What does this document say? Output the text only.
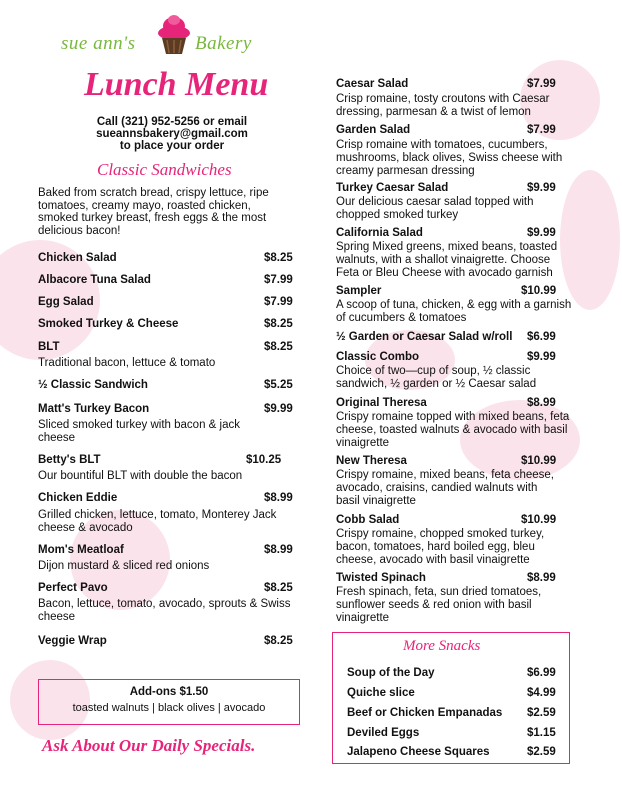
sue ann's	Bakery
Lunch Menu
Call (321) 952-5256 or email
sueannsbakery@gmail.com
to place your order
Classic Sandwiches
Baked from scratch bread, crispy lettuce, ripe
tomatoes, creamy mayo, roasted chicken,
smoked turkey breast, fresh eggs & the most
delicious bacon!
Chicken Salad	$8.25
Albacore Tuna Salad	$7.99
Egg Salad	$7.99
Smoked Turkey & Cheese	$8.25
BLT	$8.25
Traditional bacon, lettuce & tomato
½ Classic Sandwich	$5.25
Matt's Turkey Bacon	$9.99
Sliced smoked turkey with bacon & jack
cheese
Betty's BLT	$10.25
Our bountiful BLT with double the bacon
Chicken Eddie	$8.99
Grilled chicken, lettuce, tomato, Monterey Jack
cheese & avocado
Mom's Meatloaf	$8.99
Dijon mustard & sliced red onions
Perfect Pavo	$8.25
Bacon, lettuce, tomato, avocado, sprouts & Swiss
cheese
Veggie Wrap	$8.25
Add-ons $1.50
toasted walnuts | black olives | avocado
Ask About Our Daily Specials.
Caesar Salad	$7.99
Crisp romaine, tosty croutons with Caesar
dressing, parmesan & a twist of lemon
Garden Salad	$7.99
Crisp romaine with tomatoes, cucumbers,
mushrooms, black olives, Swiss cheese with
creamy parmesan dressing
Turkey Caesar Salad	$9.99
Our delicious caesar salad topped with
chopped smoked turkey
California Salad	$9.99
Spring Mixed greens, mixed beans, toasted
walnuts, with a shallot vinaigrette. Choose
Feta or Bleu Cheese with avocado garnish
Sampler	$10.99
A scoop of tuna, chicken, & egg with a garnish
of cucumbers & tomatoes
½ Garden or Caesar Salad w/roll $6.99
Classic Combo	$9.99
Choice of two—cup of soup, ½ classic
sandwich, ½ garden or ½ Caesar salad
Original Theresa	$8.99
Crispy romaine topped with mixed beans, feta
cheese, toasted walnuts & avocado with basil
vinaigrette
New Theresa	$10.99
Crispy romaine, mixed beans, feta cheese,
avocado, craisins, candied walnuts with
basil vinaigrette
Cobb Salad	$10.99
Crispy romaine, chopped smoked turkey,
bacon, tomatoes, hard boiled egg, bleu
cheese, avocado with basil vinaigrette
Twisted Spinach	$8.99
Fresh spinach, feta, sun dried tomatoes,
sunflower seeds & red onion with basil
vinaigrette
More Snacks
Soup of the Day	$6.99
Quiche slice	$4.99
Beef or Chicken Empanadas $2.59
Deviled Eggs	$1.15
Jalapeno Cheese Squares	$2.59
